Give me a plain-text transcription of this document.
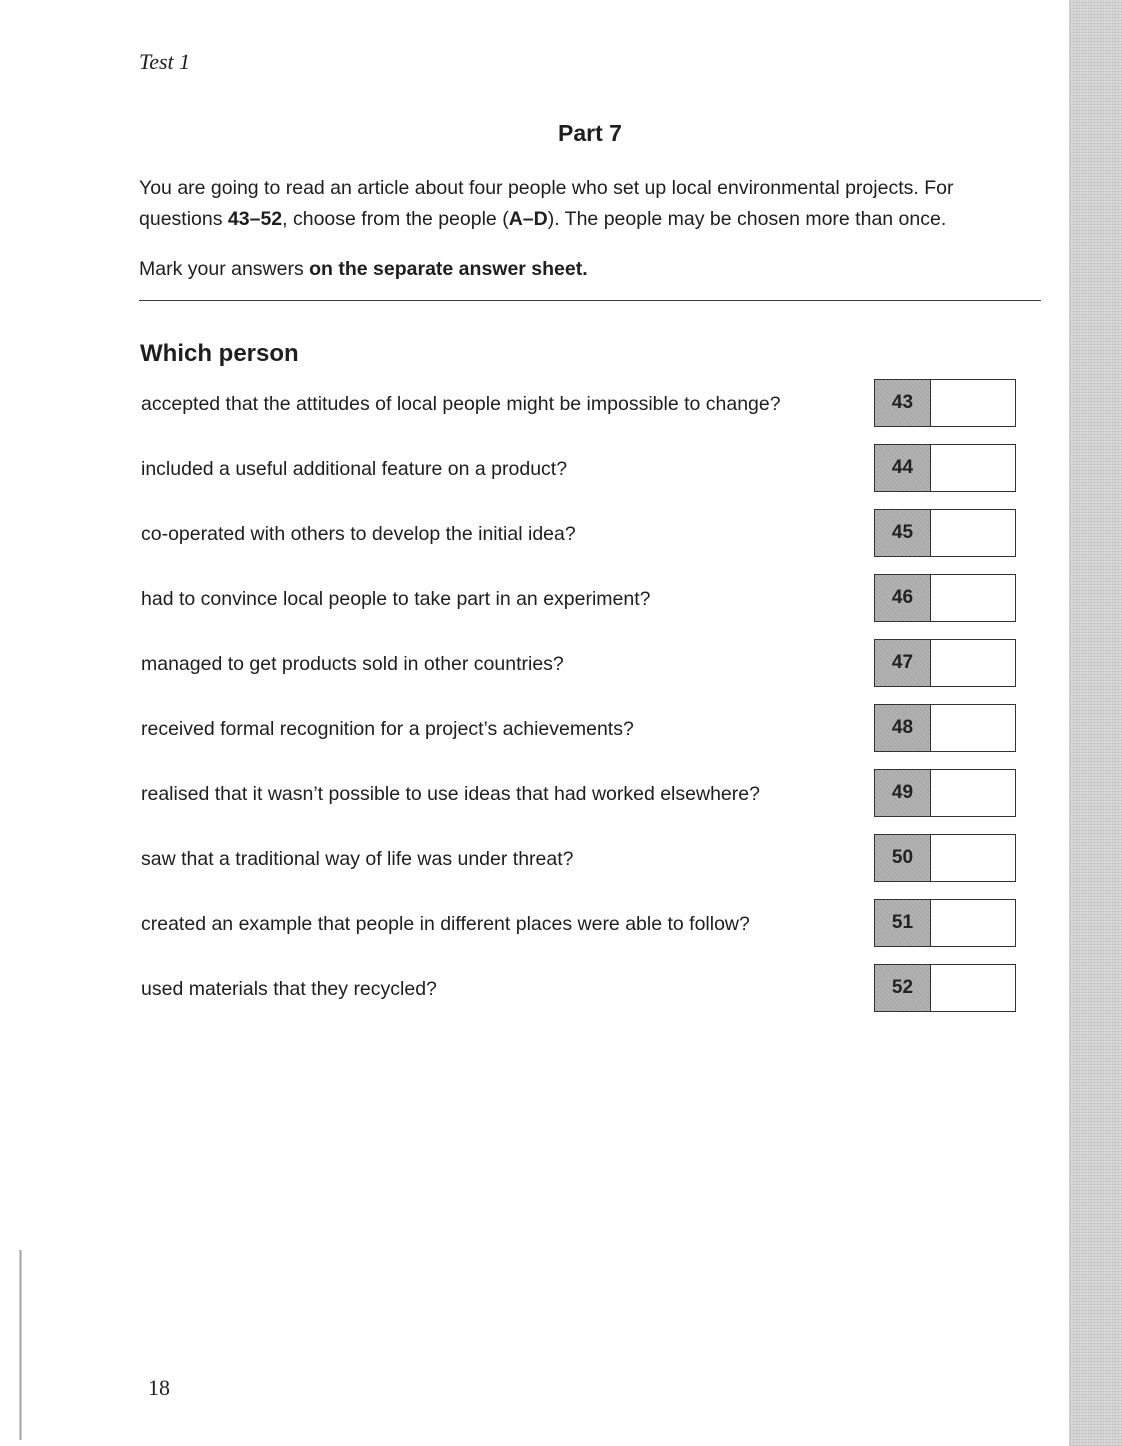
Test 1
Part 7

You are going to read an article about four people who set up local environmental projects. For

questions 43–52, choose from the people (A–D). The people may be chosen more than once.

Mark your answers on the separate answer sheet.
Which person
accepted that the attitudes of local people might be impossible to change?	43
included a useful additional feature on a product?	44
co-operated with others to develop the initial idea?	45
had to convince local people to take part in an experiment?	46
managed to get products sold in other countries?	47
received formal recognition for a project’s achievements?	48
realised that it wasn’t possible to use ideas that had worked elsewhere?	49
saw that a traditional way of life was under threat?	50
created an example that people in different places were able to follow?	51
used materials that they recycled?	52
18
